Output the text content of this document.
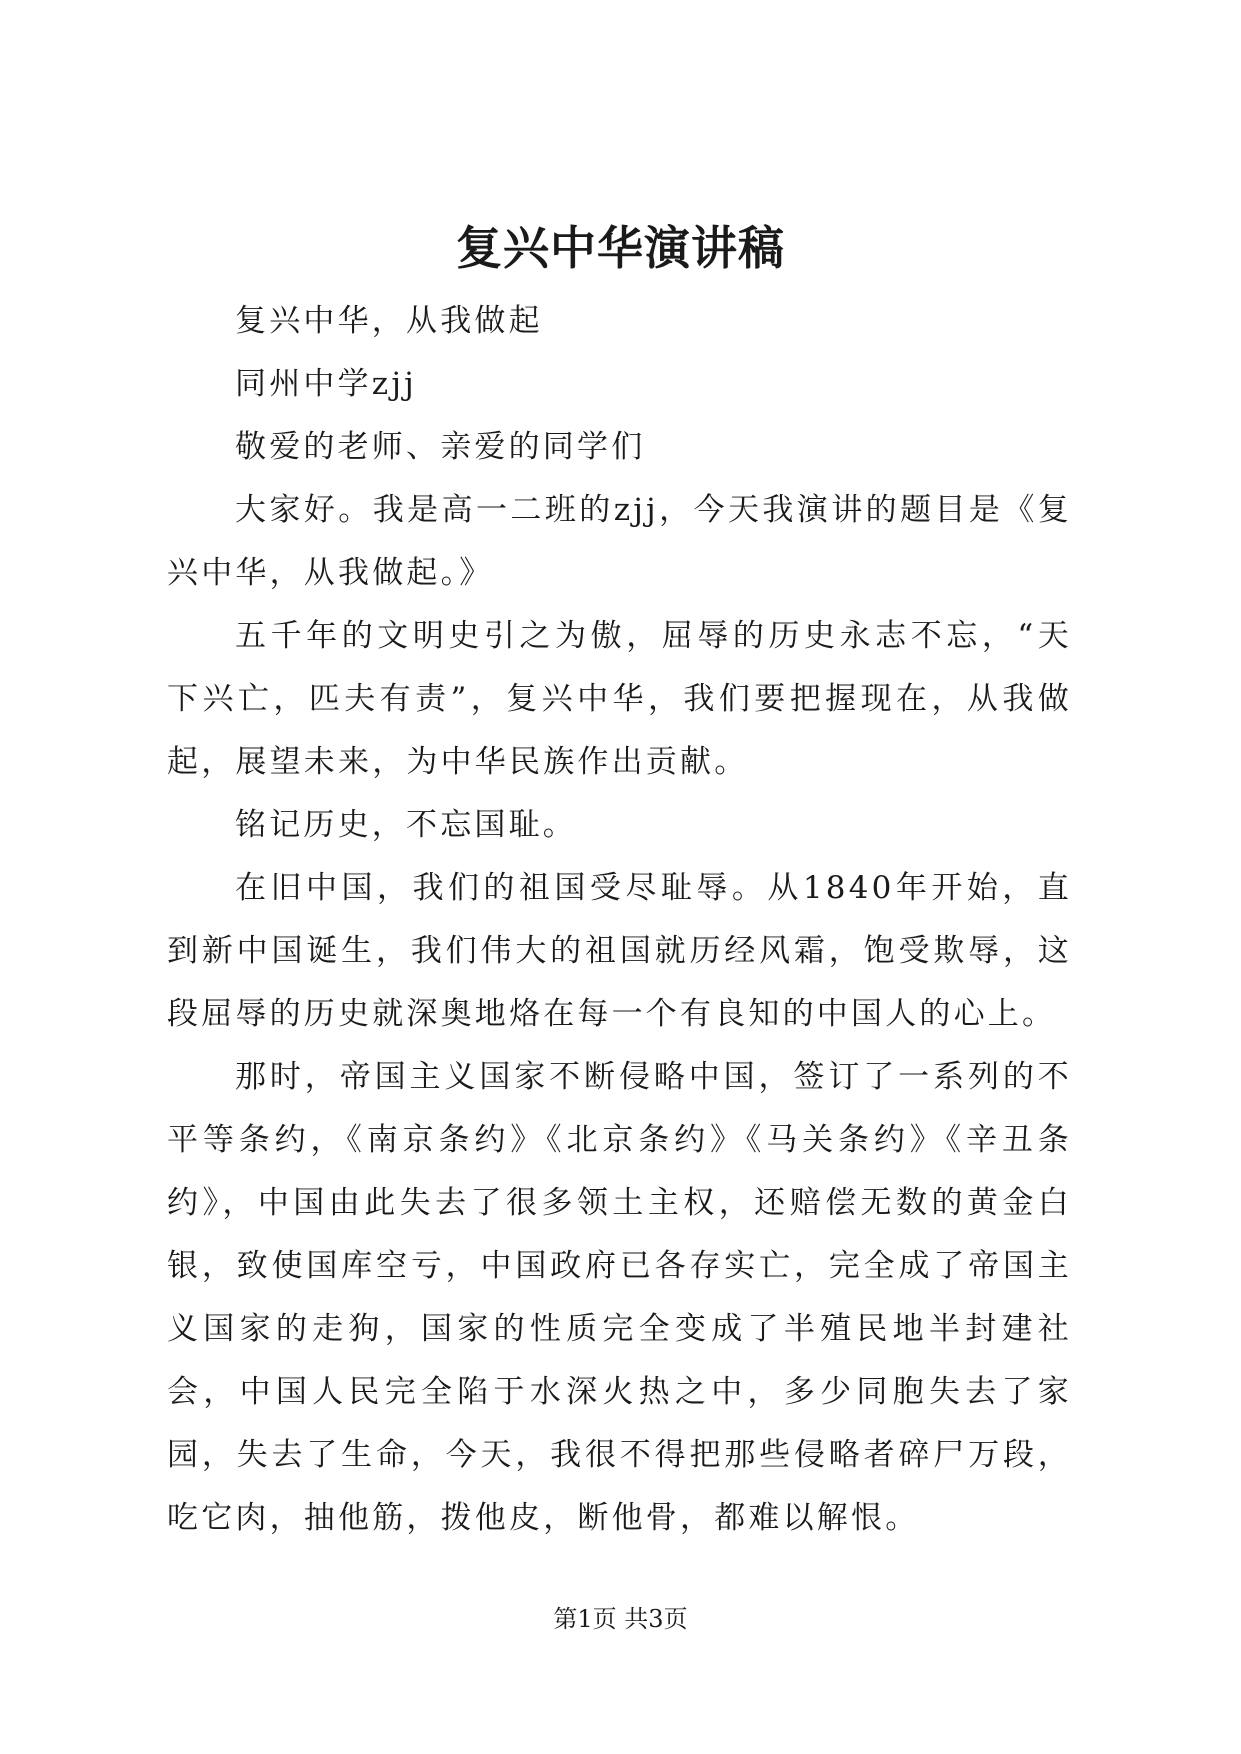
复兴中华演讲稿

复兴中华，从我做起

同州中学zjj

敬爱的老师、亲爱的同学们

大家好。我是高一二班的zjj，今天我演讲的题目是《复兴中华，从我做起。》

五千年的文明史引之为傲，屈辱的历史永志不忘，“天下兴亡，匹夫有责”，复兴中华，我们要把握现在，从我做起，展望未来，为中华民族作出贡献。

铭记历史，不忘国耻。

在旧中国，我们的祖国受尽耻辱。从1840年开始，直到新中国诞生，我们伟大的祖国就历经风霜，饱受欺辱，这段屈辱的历史就深奥地烙在每一个有良知的中国人的心上。

那时，帝国主义国家不断侵略中国，签订了一系列的不平等条约，《南京条约》《北京条约》《马关条约》《辛丑条约》，中国由此失去了很多领土主权，还赔偿无数的黄金白银，致使国库空亏，中国政府已各存实亡，完全成了帝国主义国家的走狗，国家的性质完全变成了半殖民地半封建社会，中国人民完全陷于水深火热之中，多少同胞失去了家园，失去了生命，今天，我很不得把那些侵略者碎尸万段，吃它肉，抽他筋，拨他皮，断他骨，都难以解恨。

第1页 共3页
